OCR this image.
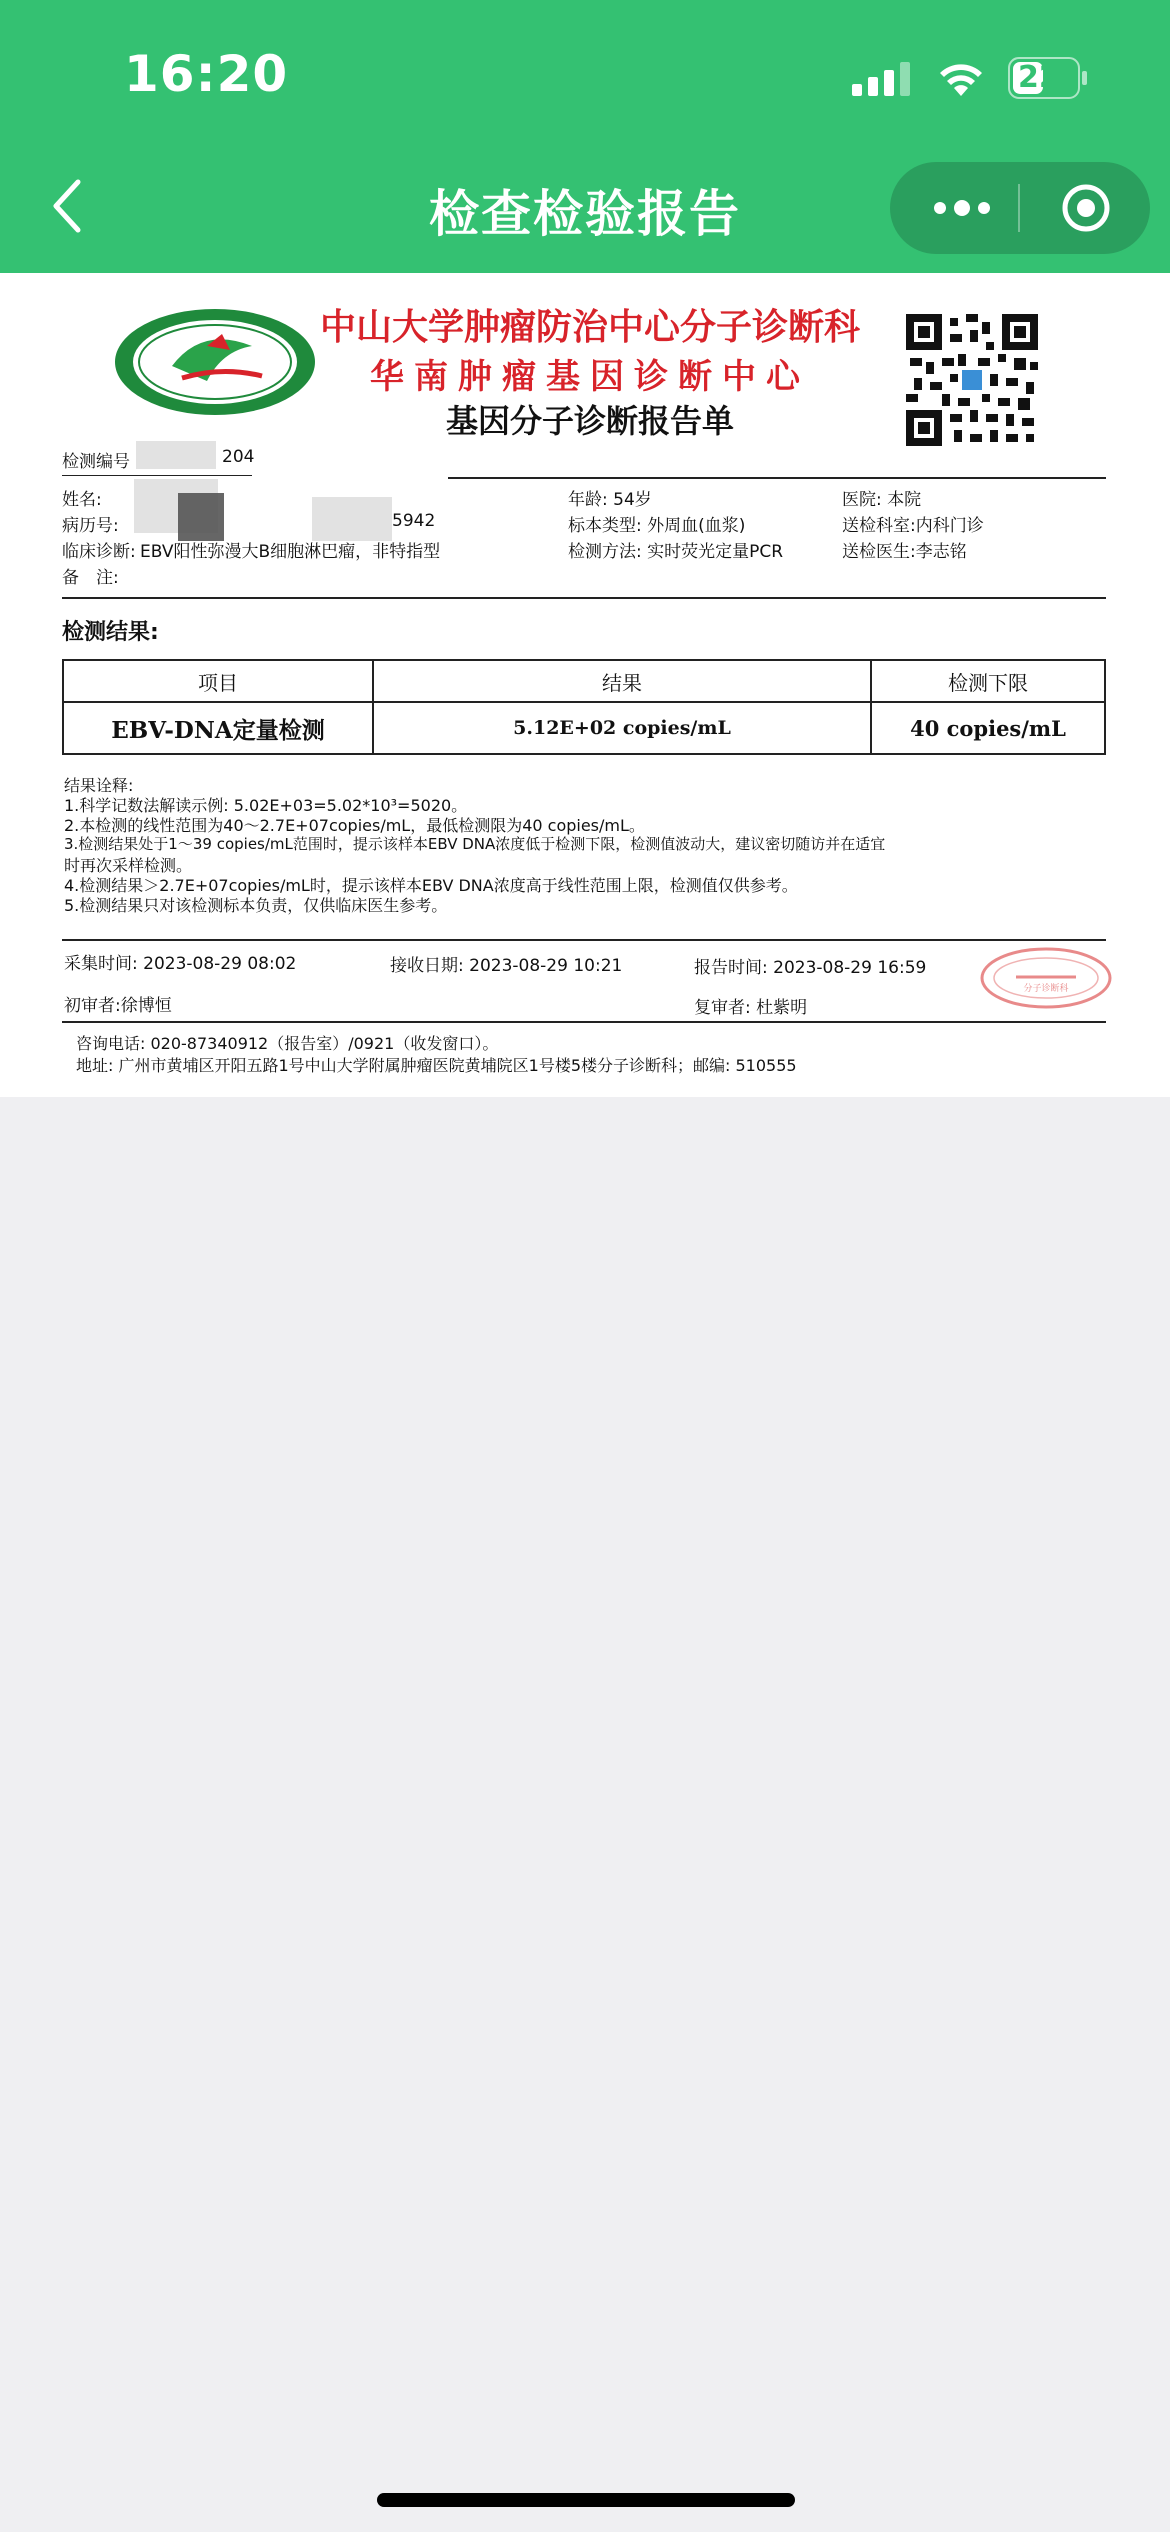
16:20	22
检查检验报告
中山大学肿瘤防治中心分子诊断科
华南肿瘤基因诊断中心
基因分子诊断报告单
检测编号	204
姓名:
病历号:	5942
临床诊断: EBV阳性弥漫大B细胞淋巴瘤，非特指型
备　注:
年龄: 54岁
标本类型: 外周血(血浆)
检测方法: 实时荧光定量PCR
医院: 本院
送检科室:内科门诊
送检医生:李志铭
检测结果:
项目	结果	检测下限
EBV-DNA定量检测	5.12E+02 copies/mL	40 copies/mL
结果诠释:
1.科学记数法解读示例: 5.02E+03=5.02*10³=5020。
2.本检测的线性范围为40～2.7E+07copies/mL，最低检测限为40 copies/mL。
3.检测结果处于1～39 copies/mL范围时，提示该样本EBV DNA浓度低于检测下限，检测值波动大，建议密切随访并在适宜
时再次采样检测。
4.检测结果＞2.7E+07copies/mL时，提示该样本EBV DNA浓度高于线性范围上限，检测值仅供参考。
5.检测结果只对该检测标本负责，仅供临床医生参考。
采集时间: 2023-08-29 08:02	接收日期: 2023-08-29 10:21	报告时间: 2023-08-29 16:59
分子诊断科
初审者:徐博恒	复审者: 杜紫明
咨询电话: 020-87340912（报告室）/0921（收发窗口）。
地址: 广州市黄埔区开阳五路1号中山大学附属肿瘤医院黄埔院区1号楼5楼分子诊断科；邮编: 510555
